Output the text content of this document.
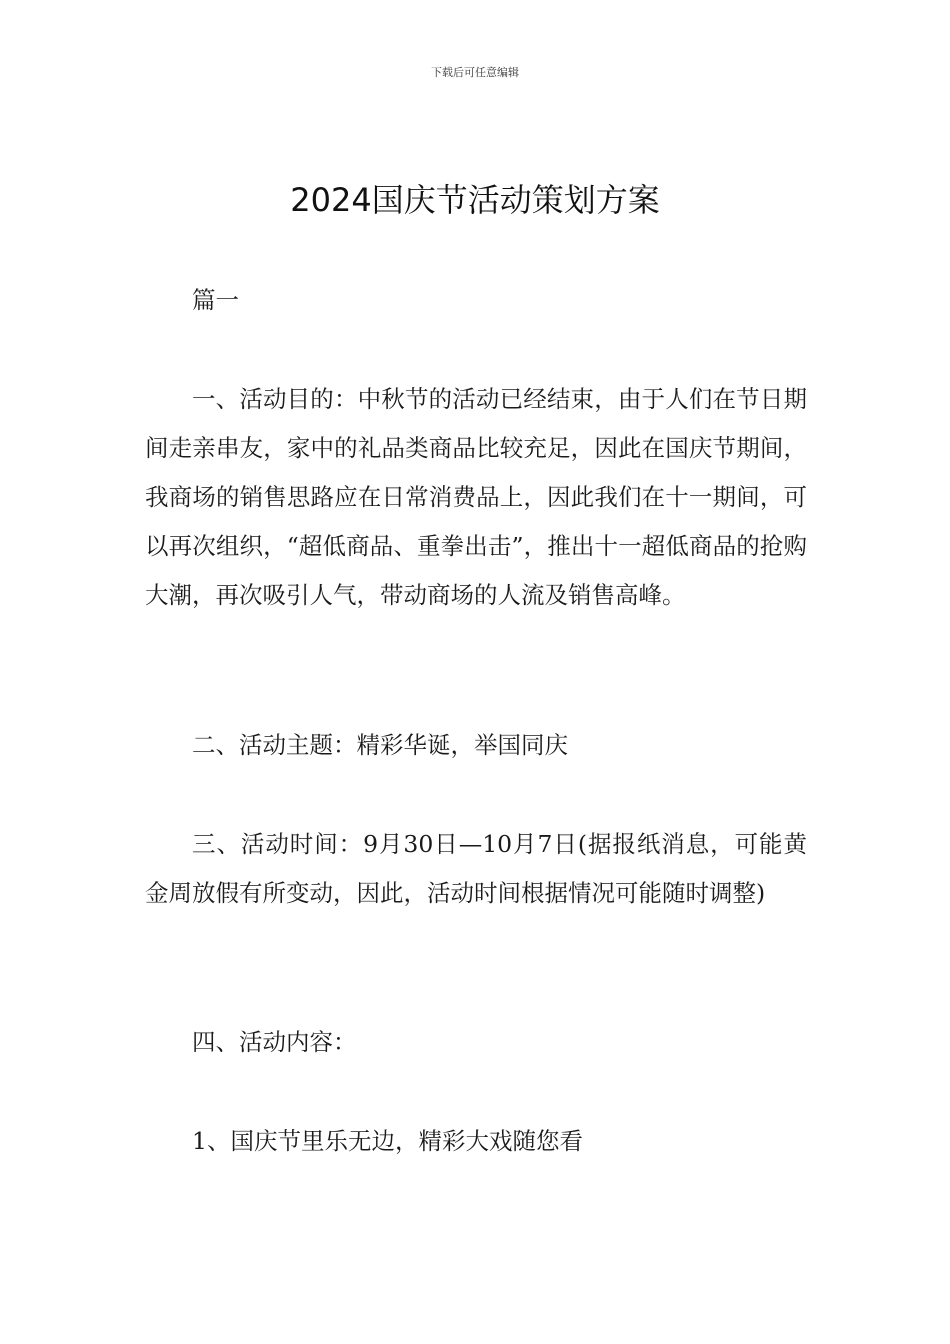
下载后可任意编辑
2024国庆节活动策划方案

篇一

一、活动目的：中秋节的活动已经结束，由于人们在节日期间走亲串友，家中的礼品类商品比较充足，因此在国庆节期间，我商场的销售思路应在日常消费品上，因此我们在十一期间，可以再次组织，“超低商品、重拳出击”，推出十一超低商品的抢购大潮，再次吸引人气，带动商场的人流及销售高峰。

二、活动主题：精彩华诞，举国同庆

三、活动时间：9月30日—10月7日(据报纸消息，可能黄金周放假有所变动，因此，活动时间根据情况可能随时调整)

四、活动内容：

1、国庆节里乐无边，精彩大戏随您看
